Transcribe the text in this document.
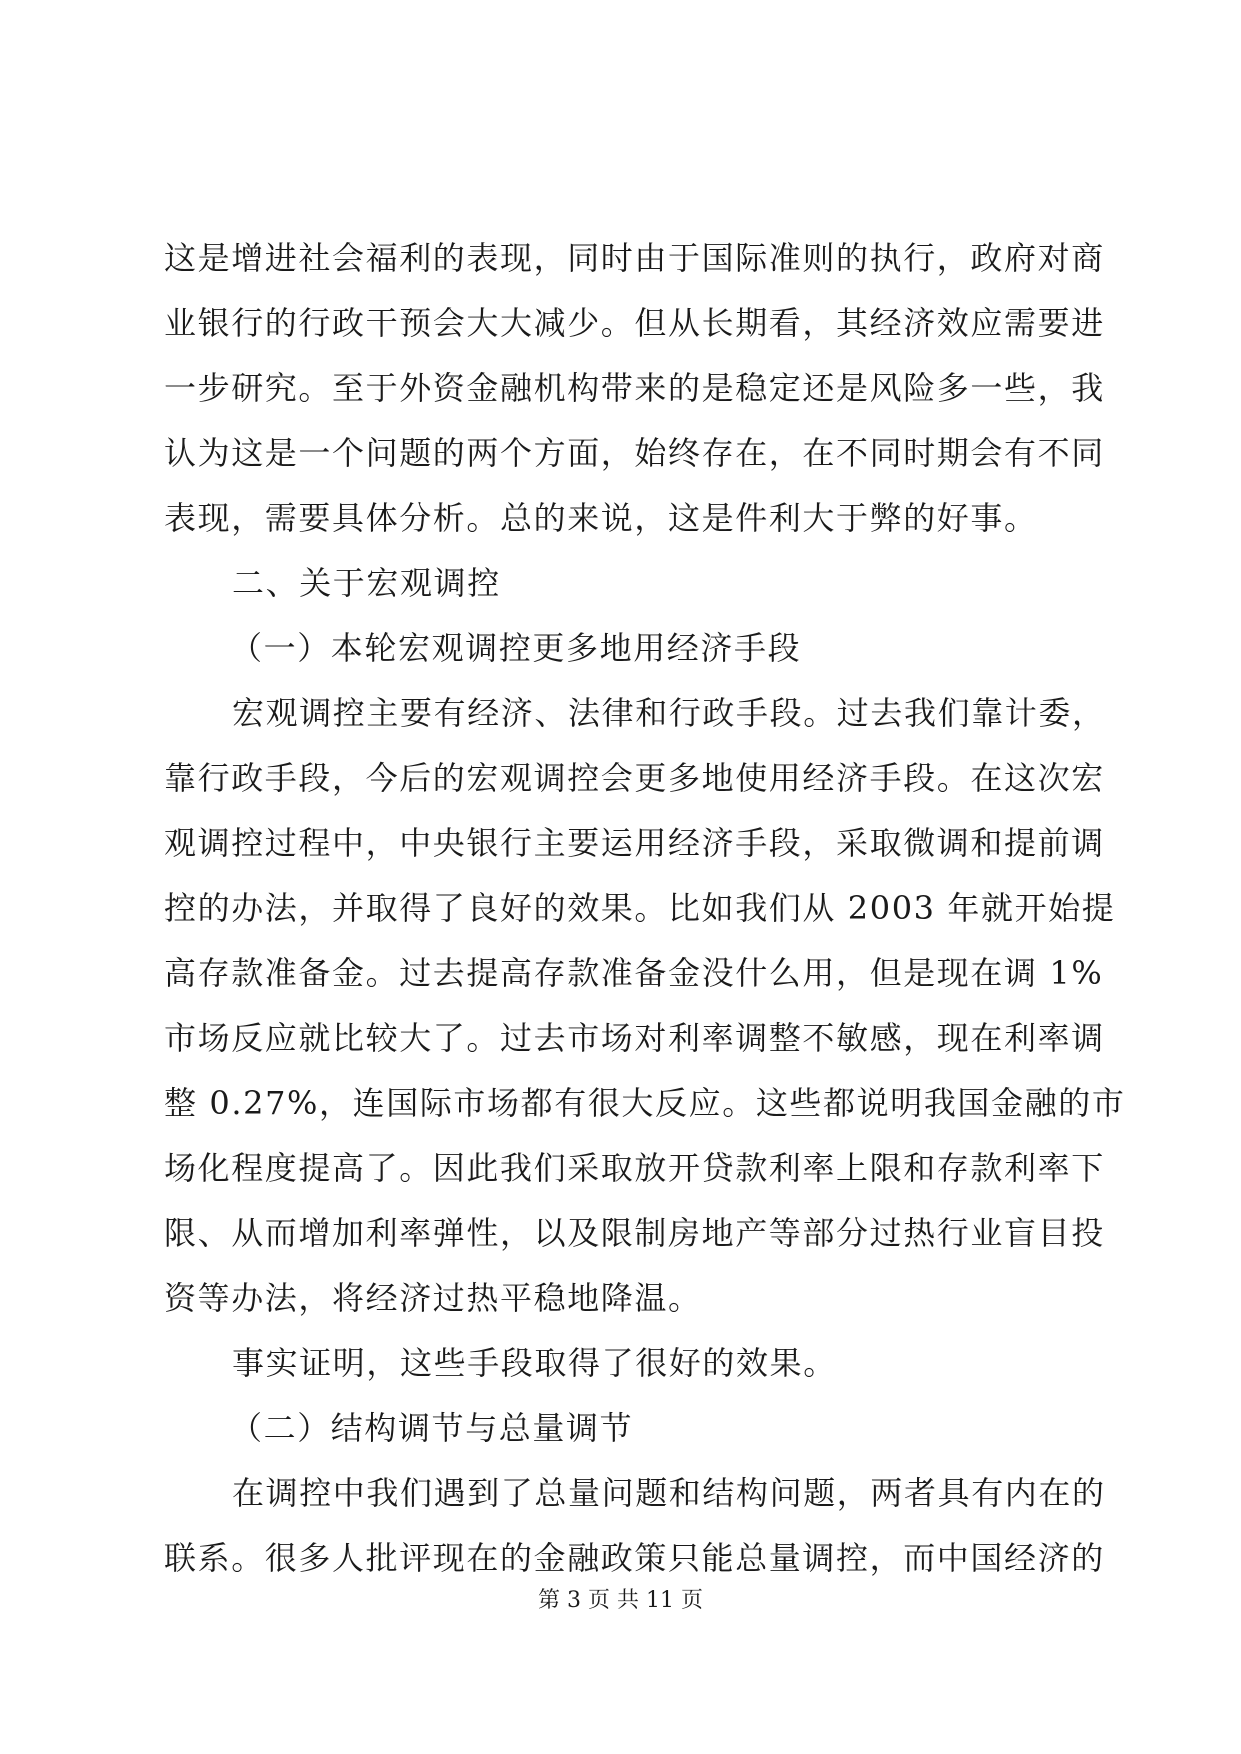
这是增进社会福利的表现，同时由于国际准则的执行，政府对商
业银行的行政干预会大大减少。但从长期看，其经济效应需要进
一步研究。至于外资金融机构带来的是稳定还是风险多一些，我
认为这是一个问题的两个方面，始终存在，在不同时期会有不同
表现，需要具体分析。总的来说，这是件利大于弊的好事。
二、关于宏观调控
（一）本轮宏观调控更多地用经济手段
宏观调控主要有经济、法律和行政手段。过去我们靠计委，
靠行政手段，今后的宏观调控会更多地使用经济手段。在这次宏
观调控过程中，中央银行主要运用经济手段，采取微调和提前调
控的办法，并取得了良好的效果。比如我们从 2003 年就开始提
高存款准备金。过去提高存款准备金没什么用，但是现在调 1%
市场反应就比较大了。过去市场对利率调整不敏感，现在利率调
整 0.27%，连国际市场都有很大反应。这些都说明我国金融的市
场化程度提高了。因此我们采取放开贷款利率上限和存款利率下
限、从而增加利率弹性，以及限制房地产等部分过热行业盲目投
资等办法，将经济过热平稳地降温。
事实证明，这些手段取得了很好的效果。
（二）结构调节与总量调节
在调控中我们遇到了总量问题和结构问题，两者具有内在的
联系。很多人批评现在的金融政策只能总量调控，而中国经济的
第 3 页 共 11 页
